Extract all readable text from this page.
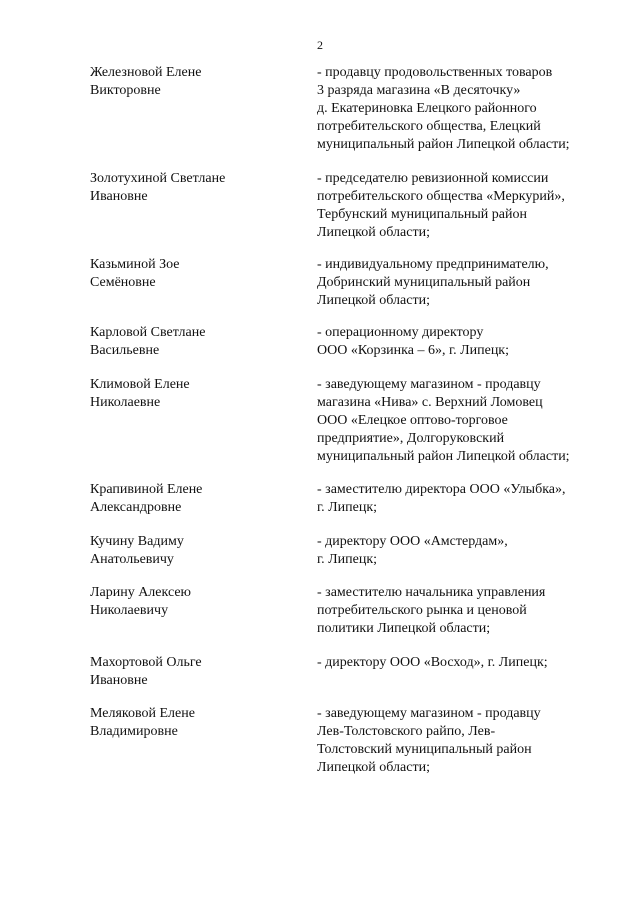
2
Железновой Елене
Викторовне
- продавцу продовольственных товаров
3 разряда магазина «В десяточку»
д. Екатериновка Елецкого районного
потребительского общества, Елецкий
муниципальный район Липецкой области;
Золотухиной Светлане
Ивановне
- председателю ревизионной комиссии
потребительского общества «Меркурий»,
Тербунский муниципальный район
Липецкой области;
Казьминой Зое
Семёновне
- индивидуальному предпринимателю,
Добринский муниципальный район
Липецкой области;
Карловой Светлане
Васильевне
- операционному директору
ООО «Корзинка – 6», г. Липецк;
Климовой Елене
Николаевне
- заведующему магазином - продавцу
магазина «Нива» с. Верхний Ломовец
ООО «Елецкое оптово-торговое
предприятие», Долгоруковский
муниципальный район Липецкой области;
Крапивиной Елене
Александровне
- заместителю директора ООО «Улыбка»,
г. Липецк;
Кучину Вадиму
Анатольевичу
- директору ООО «Амстердам»,
г. Липецк;
Ларину Алексею
Николаевичу
- заместителю начальника управления
потребительского рынка и ценовой
политики Липецкой области;
Махортовой Ольге
Ивановне
- директору ООО «Восход», г. Липецк;
Меляковой Елене
Владимировне
- заведующему магазином - продавцу
Лев-Толстовского райпо, Лев-
Толстовский муниципальный район
Липецкой области;
